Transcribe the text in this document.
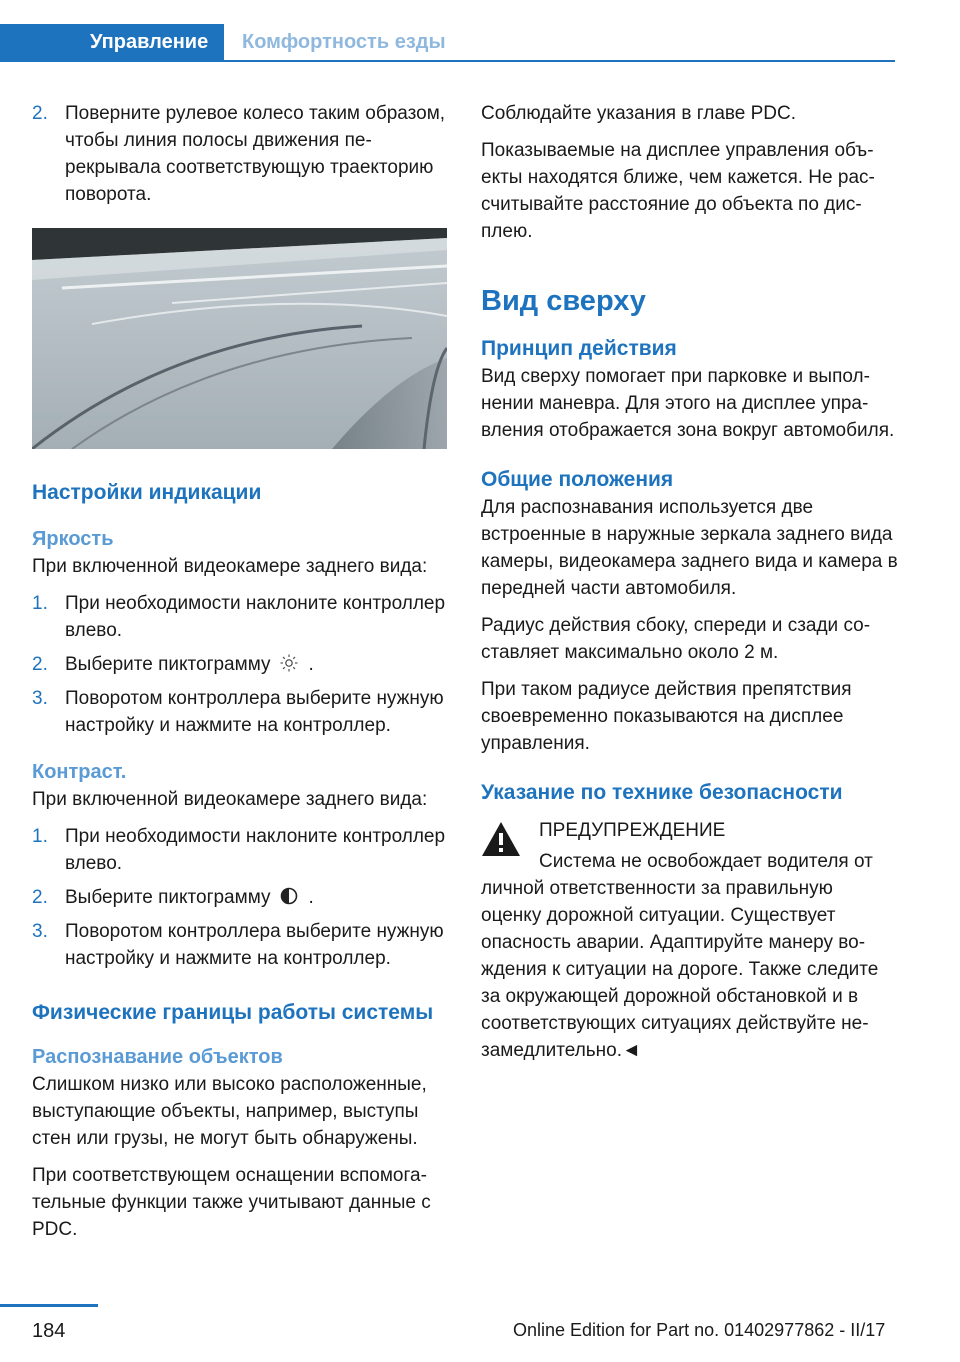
Управление	Комфортность езды
2. Поверните рулевое колесо таким образом, чтобы линия полосы движения перекрывала соответствующую траекторию поворота.
Настройки индикации
Яркость

При включенной видеокамере заднего вида:

1. При необходимости наклоните контроллер влево.
2. Выберите пиктограмму .
3. Поворотом контроллера выберите нужную настройку и нажмите на контроллер.
Контраст.

При включенной видеокамере заднего вида:

1. При необходимости наклоните контроллер влево.
2. Выберите пиктограмму .
3. Поворотом контроллера выберите нужную настройку и нажмите на контроллер.
Физические границы работы системы
Распознавание объектов

Слишком низко или высоко расположенные, выступающие объекты, например, выступы стен или грузы, не могут быть обнаружены.

При соответствующем оснащении вспомогательные функции также учитывают данные с PDC.

Соблюдайте указания в главе PDC.

Показываемые на дисплее управления объекты находятся ближе, чем кажется. Не рассчитывайте расстояние до объекта по дисплею.

Вид сверху
Принцип действия

Вид сверху помогает при парковке и выполнении маневра. Для этого на дисплее управления отображается зона вокруг автомобиля.

Общие положения

Для распознавания используется две встроенные в наружные зеркала заднего вида камеры, видеокамера заднего вида и камера в передней части автомобиля.

Радиус действия сбоку, спереди и сзади составляет максимально около 2 м.

При таком радиусе действия препятствия своевременно показываются на дисплее управления.

Указание по технике безопасности

ПРЕДУПРЕЖДЕНИЕ

Система не освобождает водителя от личной ответственности за правильную оценку дорожной ситуации. Существует опасность аварии. Адаптируйте манеру вождения к ситуации на дороге. Также следите за окружающей дорожной обстановкой и в соответствующих ситуациях действуйте незамедлительно.◄

184	Online Edition for Part no. 01402977862 - II/17
